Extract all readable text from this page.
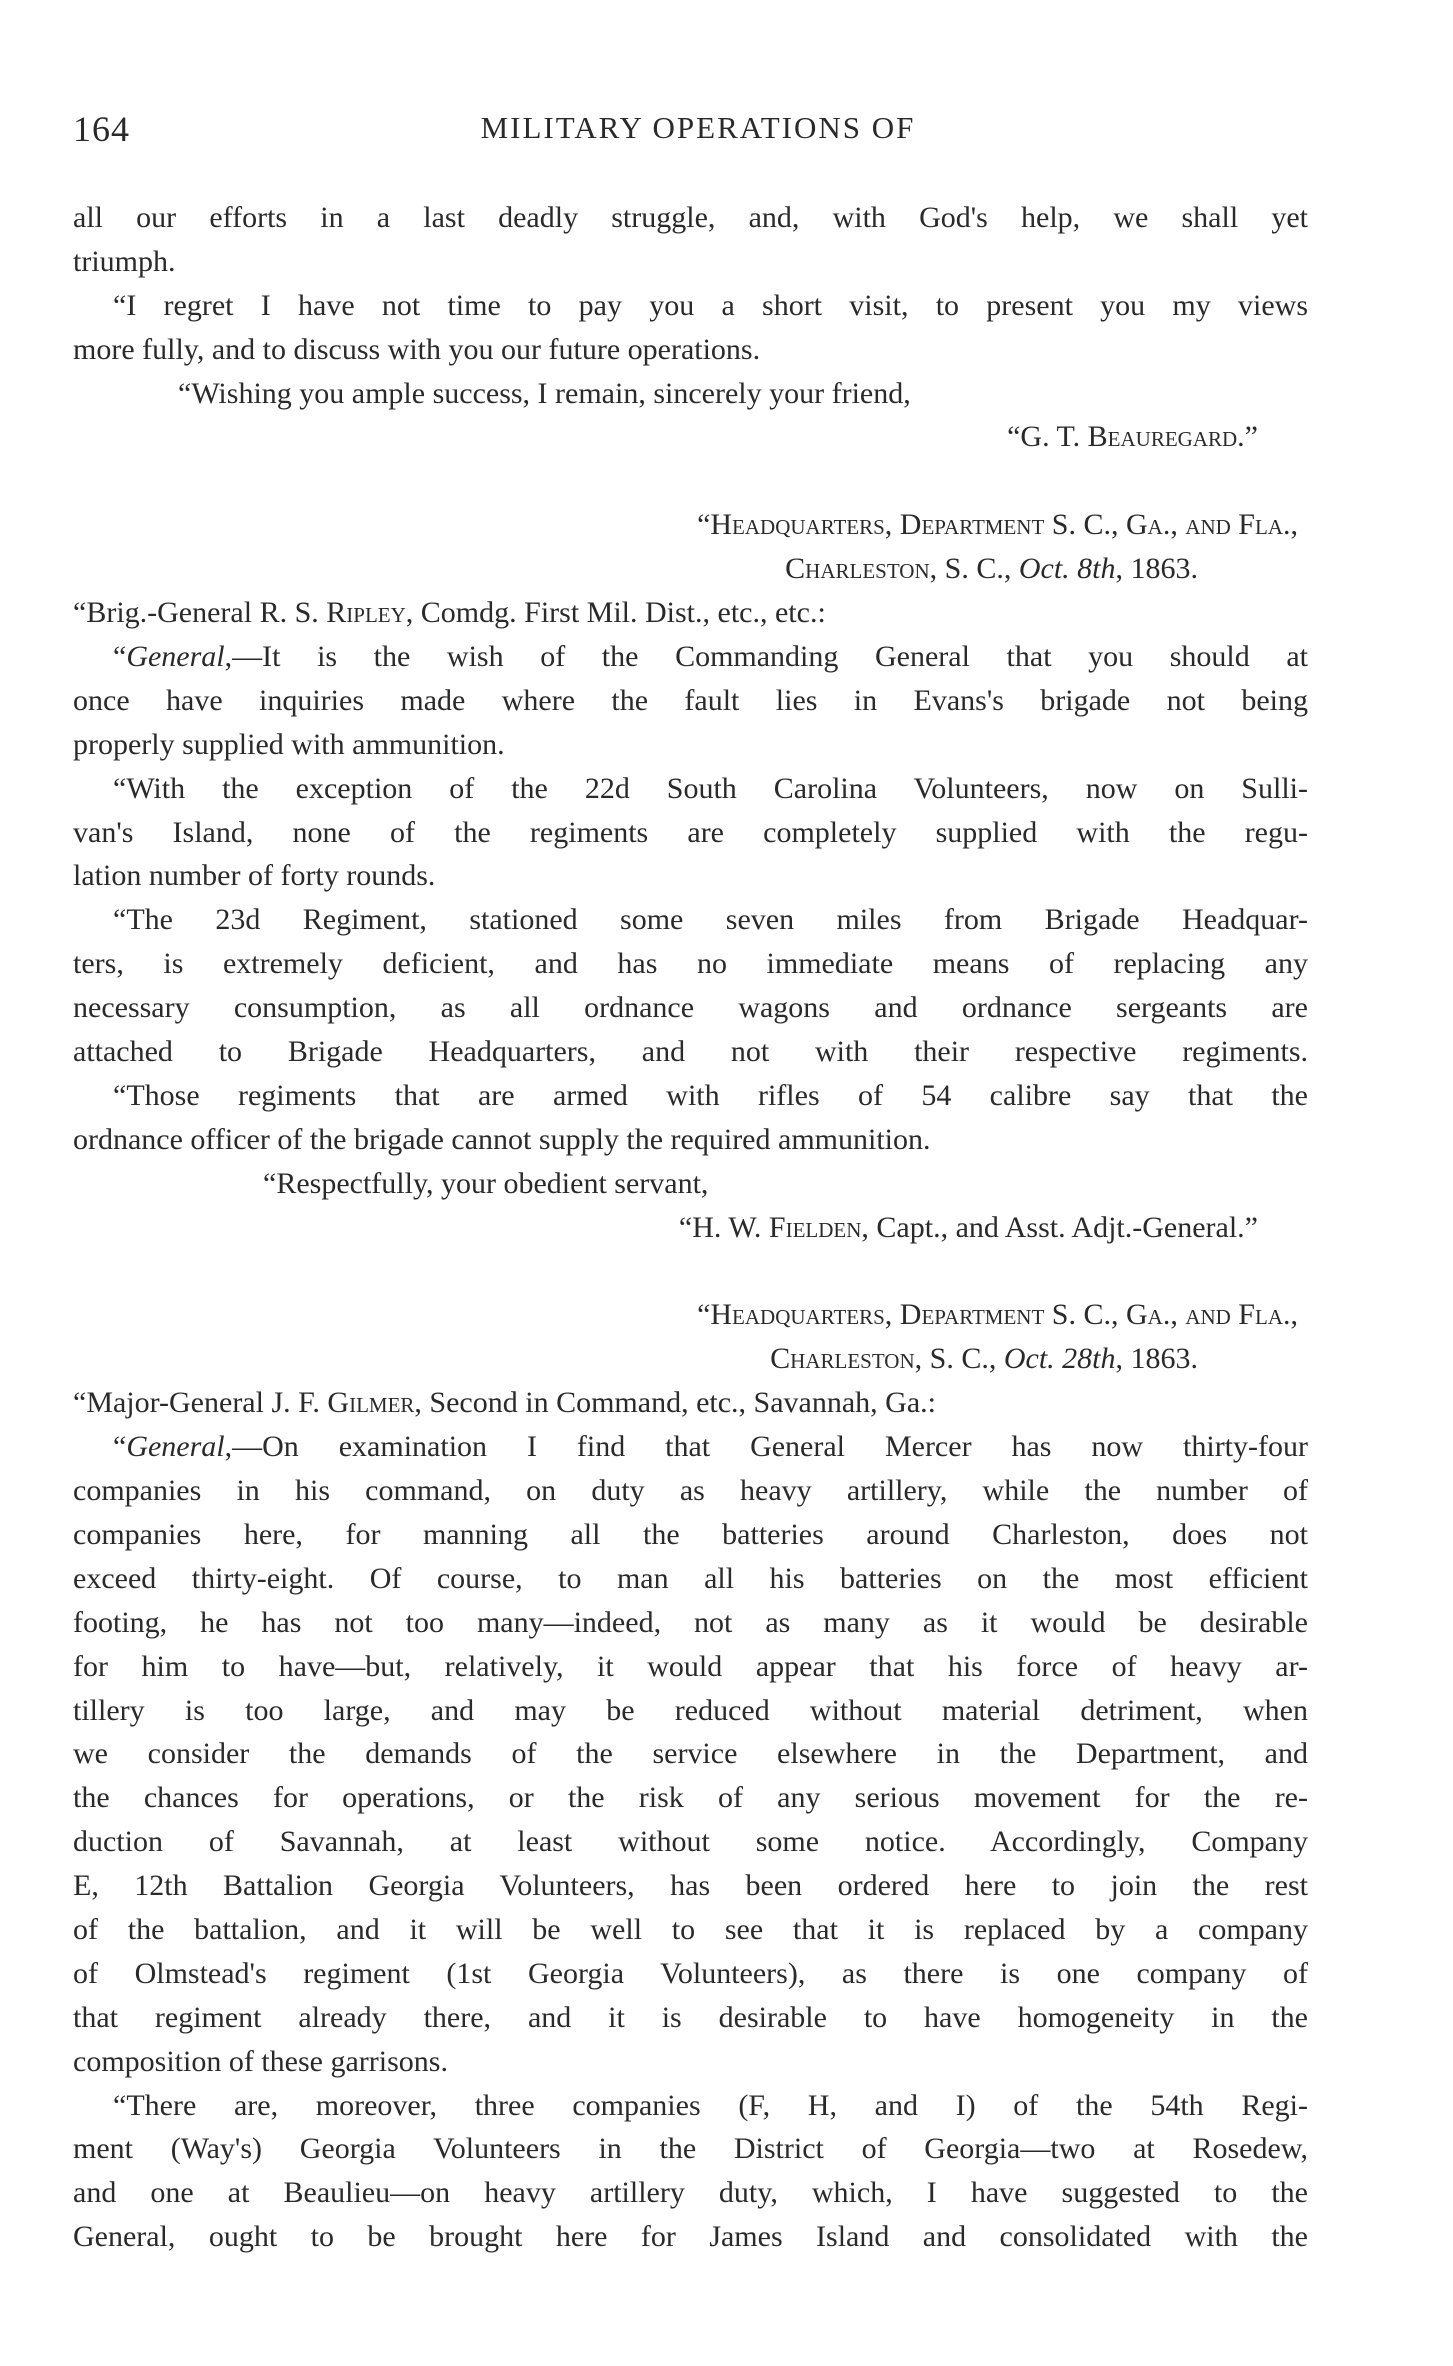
164	MILITARY OPERATIONS OF
all our efforts in a last deadly struggle, and, with God's help, we shall yet
triumph.
“I regret I have not time to pay you a short visit, to present you my views
more fully, and to discuss with you our future operations.
“Wishing you ample success, I remain, sincerely your friend,
“G. T. Beauregard.”
“Headquarters, Department S. C., Ga., and Fla.,
Charleston, S. C., Oct. 8th, 1863.
“Brig.-General R. S. Ripley, Comdg. First Mil. Dist., etc., etc.:
“General,—It is the wish of the Commanding General that you should at
once have inquiries made where the fault lies in Evans's brigade not being
properly supplied with ammunition.
“With the exception of the 22d South Carolina Volunteers, now on Sulli-
van's Island, none of the regiments are completely supplied with the regu-
lation number of forty rounds.
“The 23d Regiment, stationed some seven miles from Brigade Headquar-
ters, is extremely deficient, and has no immediate means of replacing any
necessary consumption, as all ordnance wagons and ordnance sergeants are
attached to Brigade Headquarters, and not with their respective regiments.
“Those regiments that are armed with rifles of 54 calibre say that the
ordnance officer of the brigade cannot supply the required ammunition.
“Respectfully, your obedient servant,
“H. W. Fielden, Capt., and Asst. Adjt.-General.”
“Headquarters, Department S. C., Ga., and Fla.,
Charleston, S. C., Oct. 28th, 1863.
“Major-General J. F. Gilmer, Second in Command, etc., Savannah, Ga.:
“General,—On examination I find that General Mercer has now thirty-four
companies in his command, on duty as heavy artillery, while the number of
companies here, for manning all the batteries around Charleston, does not
exceed thirty-eight. Of course, to man all his batteries on the most efficient
footing, he has not too many—indeed, not as many as it would be desirable
for him to have—but, relatively, it would appear that his force of heavy ar-
tillery is too large, and may be reduced without material detriment, when
we consider the demands of the service elsewhere in the Department, and
the chances for operations, or the risk of any serious movement for the re-
duction of Savannah, at least without some notice. Accordingly, Company
E, 12th Battalion Georgia Volunteers, has been ordered here to join the rest
of the battalion, and it will be well to see that it is replaced by a company
of Olmstead's regiment (1st Georgia Volunteers), as there is one company of
that regiment already there, and it is desirable to have homogeneity in the
composition of these garrisons.
“There are, moreover, three companies (F, H, and I) of the 54th Regi-
ment (Way's) Georgia Volunteers in the District of Georgia—two at Rosedew,
and one at Beaulieu—on heavy artillery duty, which, I have suggested to the
General, ought to be brought here for James Island and consolidated with the
